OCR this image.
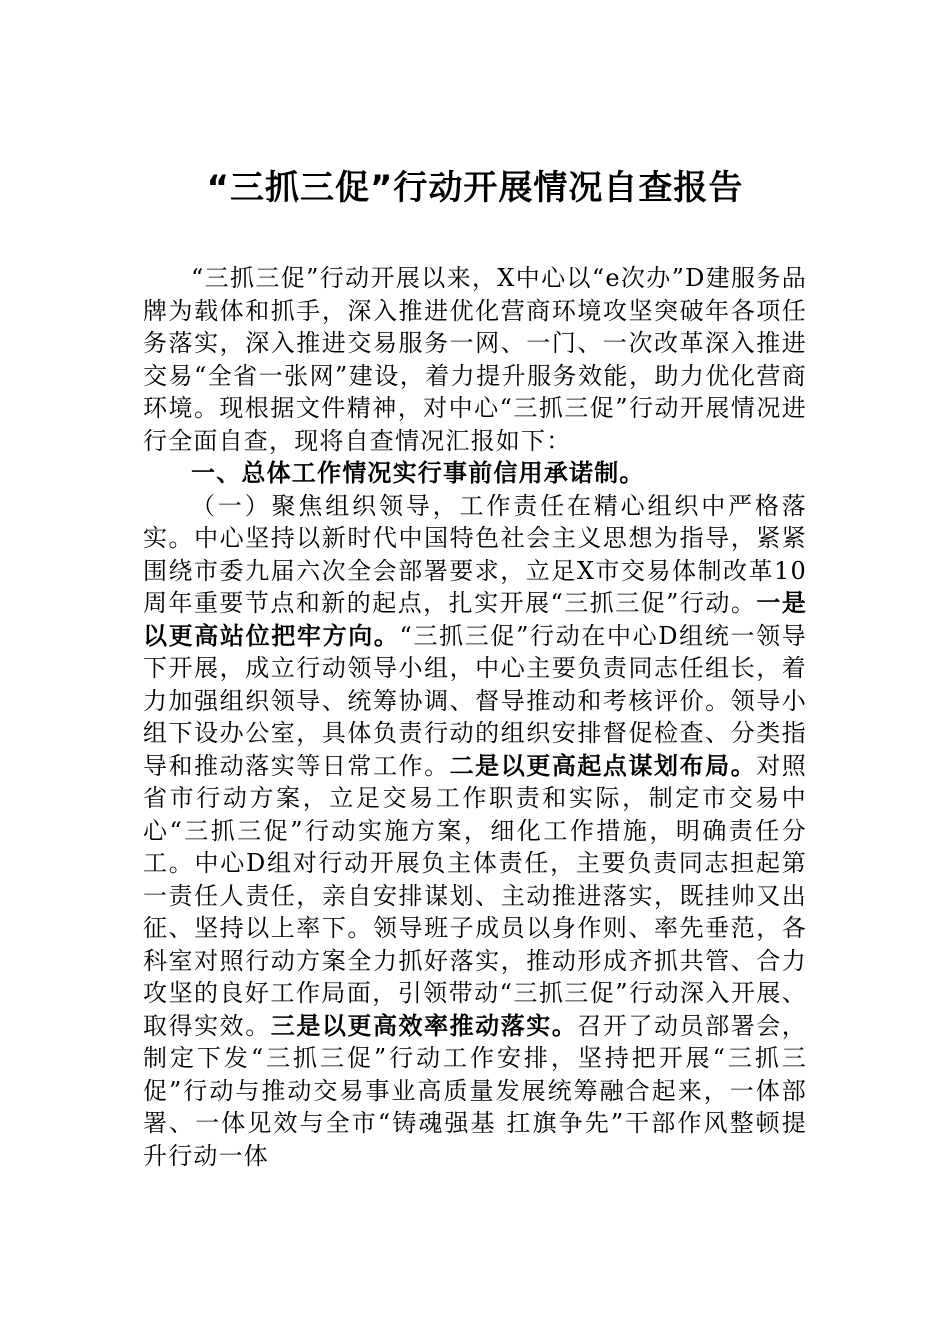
“三抓三促”行动开展情况自查报告

“三抓三促”行动开展以来，X中心以“e次办”D建服务品牌为载体和抓手，深入推进优化营商环境攻坚突破年各项任务落实，深入推进交易服务一网、一门、一次改革深入推进交易“全省一张网”建设，着力提升服务效能，助力优化营商环境。现根据文件精神，对中心“三抓三促”行动开展情况进行全面自查，现将自查情况汇报如下：

一、总体工作情况实行事前信用承诺制。

（一）聚焦组织领导，工作责任在精心组织中严格落实。中心坚持以新时代中国特色社会主义思想为指导，紧紧围绕市委九届六次全会部署要求，立足X市交易体制改革10周年重要节点和新的起点，扎实开展“三抓三促”行动。一是以更高站位把牢方向。“三抓三促”行动在中心D组统一领导下开展，成立行动领导小组，中心主要负责同志任组长，着力加强组织领导、统筹协调、督导推动和考核评价。领导小组下设办公室，具体负责行动的组织安排督促检查、分类指导和推动落实等日常工作。二是以更高起点谋划布局。对照省市行动方案，立足交易工作职责和实际，制定市交易中心“三抓三促”行动实施方案，细化工作措施，明确责任分工。中心D组对行动开展负主体责任，主要负责同志担起第一责任人责任，亲自安排谋划、主动推进落实，既挂帅又出征、坚持以上率下。领导班子成员以身作则、率先垂范，各科室对照行动方案全力抓好落实，推动形成齐抓共管、合力攻坚的良好工作局面，引领带动“三抓三促”行动深入开展、取得实效。三是以更高效率推动落实。召开了动员部署会，制定下发“三抓三促”行动工作安排，坚持把开展“三抓三促”行动与推动交易事业高质量发展统筹融合起来，一体部署、一体见效与全市“铸魂强基 扛旗争先”干部作风整顿提升行动一体
